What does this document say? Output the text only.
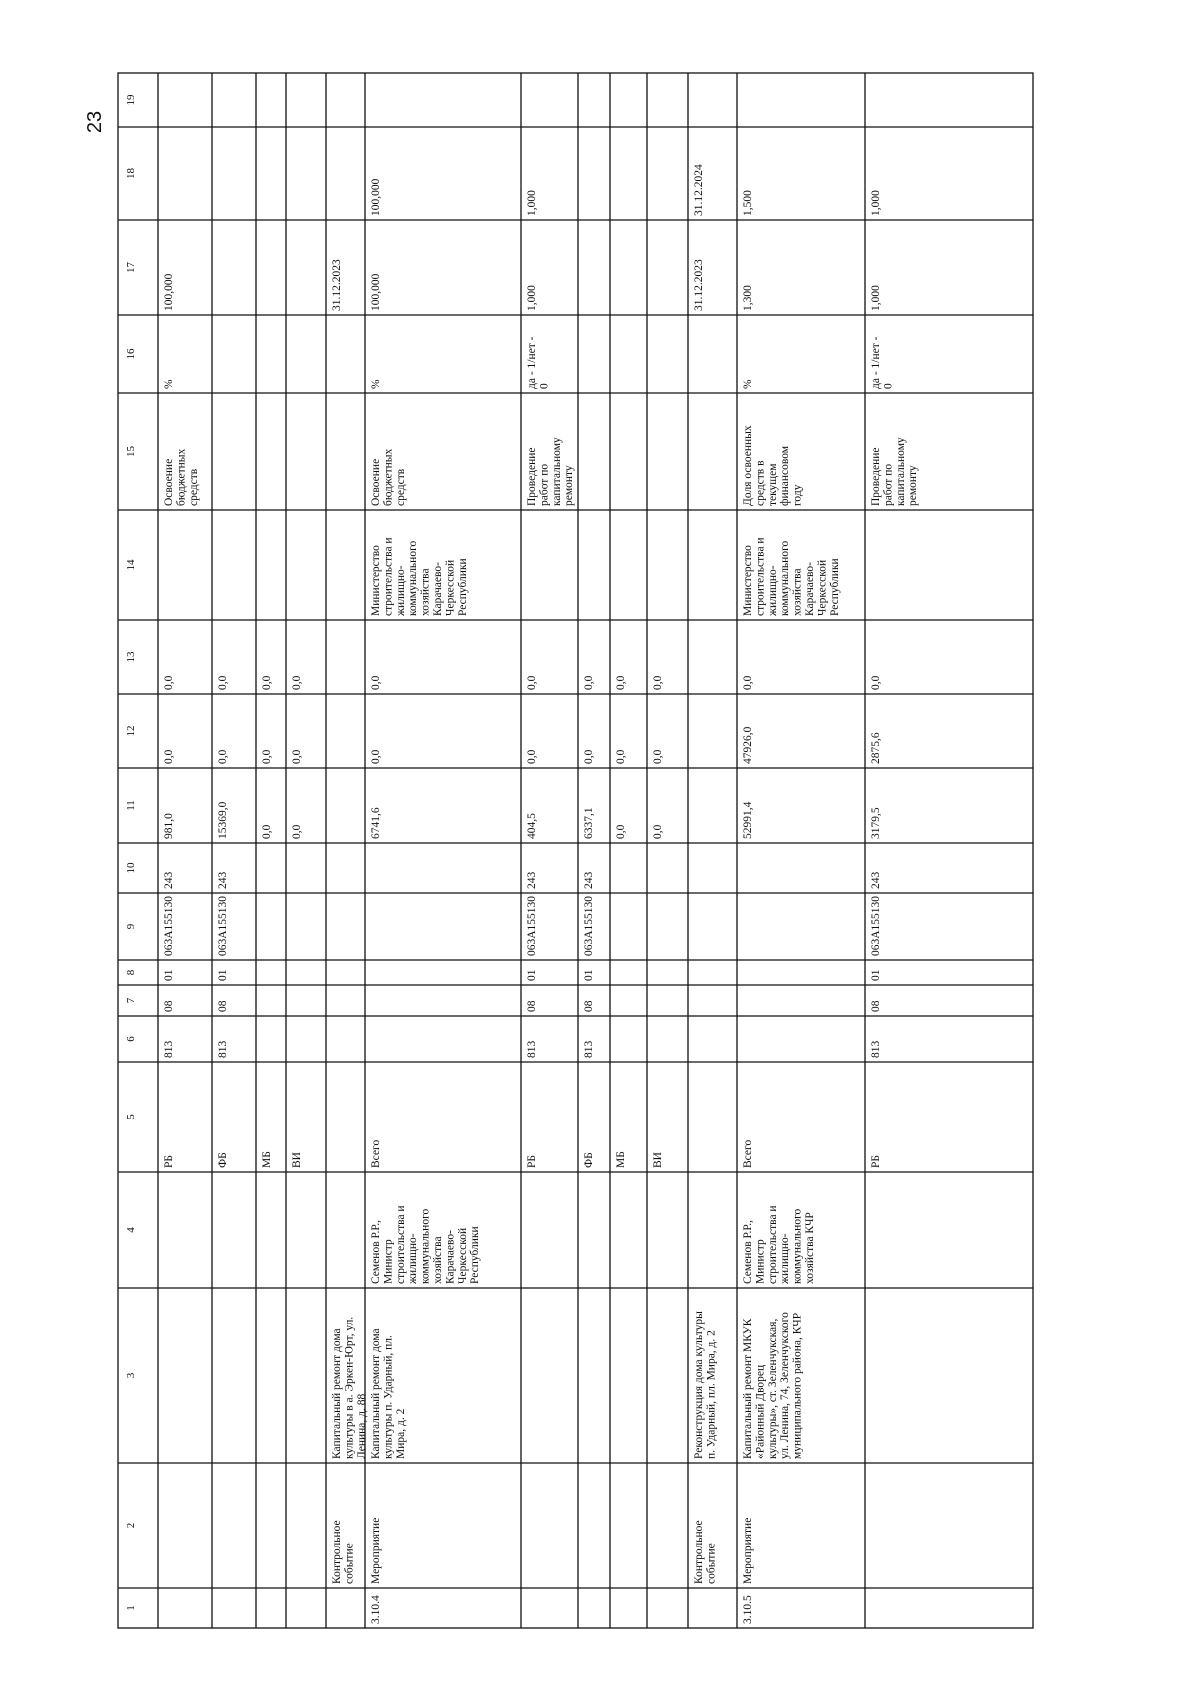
23
1
2
3
4
5
6
7
8
9
10
11
12
13
14
15
16
17
18
19
РБ
813
08
01
063A155130
243
981,0
0,0
0,0
Освоение бюджетных средств
%
100,000
ФБ
813
08
01
063A155130
243
15369,0
0,0
0,0
МБ
0,0
0,0
0,0
ВИ
0,0
0,0
0,0
Контрольное событие
Капитальный ремонт дома культуры в а. Эркен-Юрт, ул. Ленина, д. 88
31.12.2023
3.10.4
Мероприятие
Капитальный ремонт дома культуры п. Ударный, пл. Мира, д. 2
Семенов Р.Р., Министр строительства и жилищно- коммунального хозяйства Карачаево- Черкесской Республики
Всего
6741,6
0,0
0,0
Министерство строительства и жилищно- коммунального хозяйства Карачаево- Черкесской Республики
Освоение бюджетных средств
%
100,000
100,000
РБ
813
08
01
063A155130
243
404,5
0,0
0,0
Проведение работ по капитальному ремонту
да - 1/нет - 0
1,000
1,000
ФБ
813
08
01
063A155130
243
6337,1
0,0
0,0
МБ
0,0
0,0
0,0
ВИ
0,0
0,0
0,0
Контрольное событие
Реконструкция дома культуры п. Ударный, пл. Мира, д. 2
31.12.2023
31.12.2024
3.10.5
Мероприятие
Капитальный ремонт МКУК «Районный Дворец культуры», ст. Зеленчукская, ул. Ленина, 74, Зеленчукского муниципального района, КЧР
Семенов Р.Р., Министр строительства и жилищно- коммунального хозяйства КЧР
Всего
52991,4
47926,0
0,0
Министерство строительства и жилищно- коммунального хозяйства Карачаево- Черкесской Республики
Доля освоенных средств в текущем финансовом году
%
1,300
1,500
РБ
813
08
01
063A155130
243
3179,5
2875,6
0,0
Проведение работ по капитальному ремонту
да - 1/нет - 0
1,000
1,000
